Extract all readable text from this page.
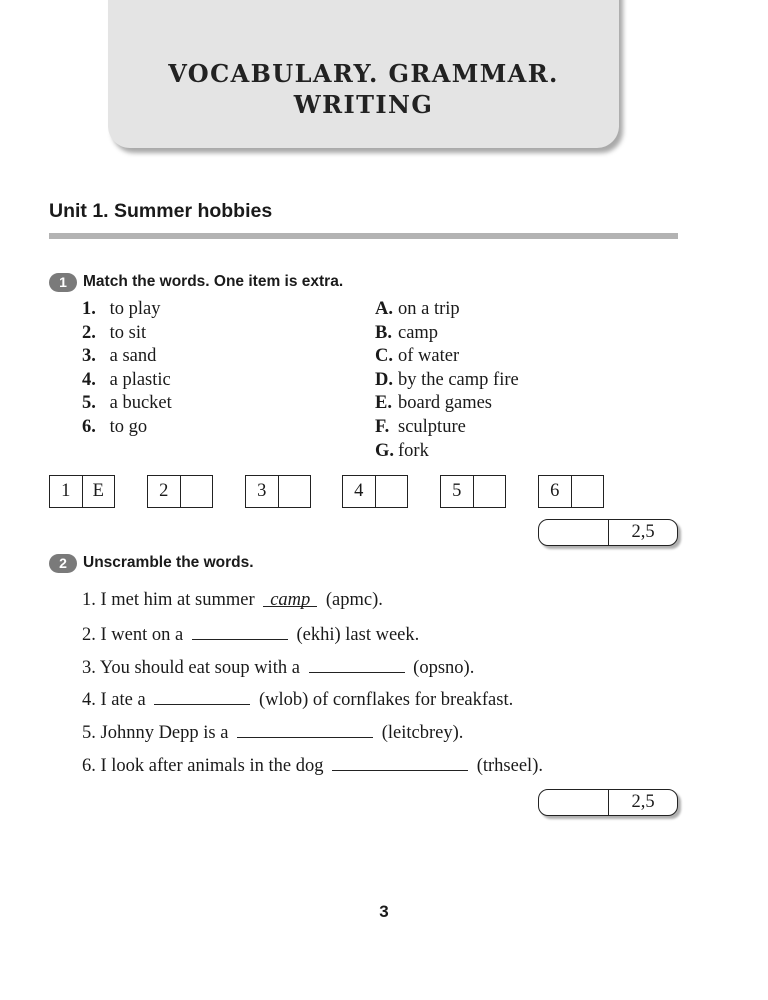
VOCABULARY. GRAMMAR.
WRITING
Unit 1. Summer hobbies
1	Match the words. One item is extra.
1. to play
2. to sit
3. a sand
4. a plastic
5. a bucket
6. to go
A. on a trip
B. camp
C. of water
D. by the camp fire
E. board games
F. sculpture
G. fork
1	E	2	3	4	5	6
2,5
2	Unscramble the words.
1. I met him at summer camp (apmc).
2. I went on a	(ekhi) last week.
3. You should eat soup with a	(opsno).
4. I ate a	(wlob) of cornflakes for breakfast.
5. Johnny Depp is a	(leitcbrey).
6. I look after animals in the dog	(trhseel).
2,5
3
